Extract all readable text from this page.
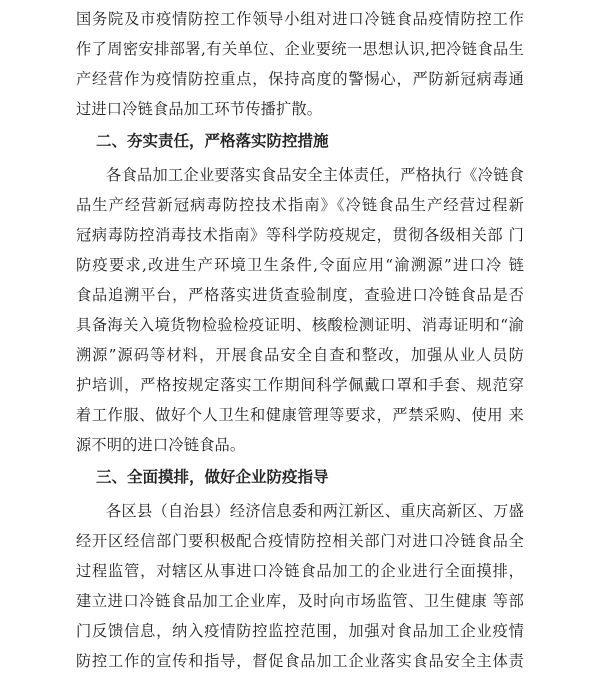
国务院及市疫情防控工作领导小组对进口冷链食品疫情防控工作
作了周密安排部署,有关单位、企业要统一思想认识,把冷链食品生
产经营作为疫情防控重点，保持高度的警惕心，严防新冠病毒通
过进口冷链食品加工环节传播扩散。
二、夯实责任，严格落实防控措施
各食品加工企业要落实食品安全主体责任，严格执行《冷链食
品生产经营新冠病毒防控技术指南》《冷链食品生产经营过程新
冠病毒防控消毒技术指南》等科学防疫规定，贯彻各级相关部 门
防疫要求,改进生产环境卫生条件,令面应用“渝溯源”进口冷 链
食品追溯平台，严格落实进货查验制度，查验进口冷链食品是否
具备海关入境货物检验检疫证明、核酸检测证明、消毒证明和“渝
溯源”源码等材料，开展食品安全自查和整改，加强从业人员防
护培训，严格按规定落实工作期间科学佩戴口罩和手套、规范穿
着工作服、做好个人卫生和健康管理等要求，严禁采购、使用 来
源不明的进口冷链食品。
三、全面摸排，做好企业防疫指导
各区县（自治县）经济信息委和两江新区、重庆高新区、万盛
经开区经信部门要积极配合疫情防控相关部门对进口冷链食品全
过程监管，对辖区从事进口冷链食品加工的企业进行全面摸排，
建立进口冷链食品加工企业库，及时向市场监管、卫生健康 等部
门反馈信息，纳入疫情防控监控范围，加强对食品加工企业疫情
防控工作的宣传和指导，督促食品加工企业落实食品安全主体责
